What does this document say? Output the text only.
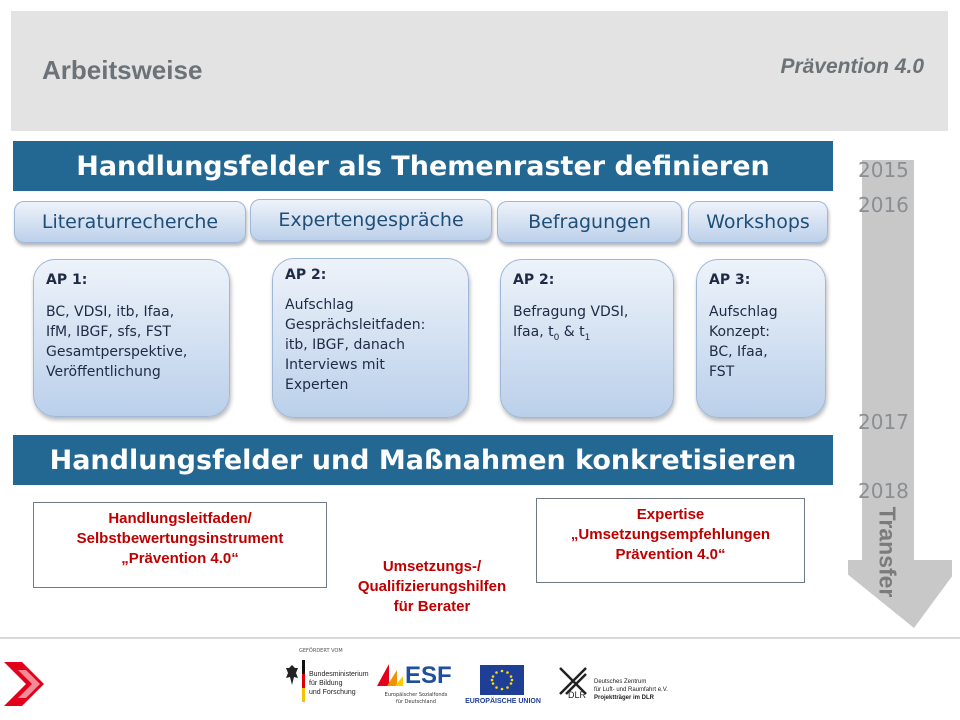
Arbeitsweise	Prävention 4.0
2015
2016
2017
2018
Transfer
Handlungsfelder als Themenraster definieren
Handlungsfelder und Maßnahmen konkretisieren
Literaturrecherche	Expertengespräche	Befragungen	Workshops
AP 1:
BC, VDSI, itb, Ifaa,
IfM, IBGF, sfs, FST
Gesamtperspektive,
Veröffentlichung
AP 2:
Aufschlag
Gesprächsleitfaden:
itb, IBGF, danach
Interviews mit
Experten
AP 2:
Befragung VDSI,
Ifaa, $t_0$ & $t_1$
AP 3:
Aufschlag
Konzept:
BC, Ifaa,
FST
Handlungsleitfaden/
Selbstbewertungsinstrument
„Prävention 4.0“	Umsetzungs-/
Qualifizierungshilfen
für Berater
Expertise
„Umsetzungsempfehlungen
Prävention 4.0“
GEFÖRDERT VOM
Bundesministerium
für Bildung
und Forschung
ESF
Europäischer Sozialfonds
für Deutschland	EUROPÄISCHE UNION
DLR
Deutsches Zentrum
für Luft- und Raumfahrt e.V.
Projektträger im DLR
